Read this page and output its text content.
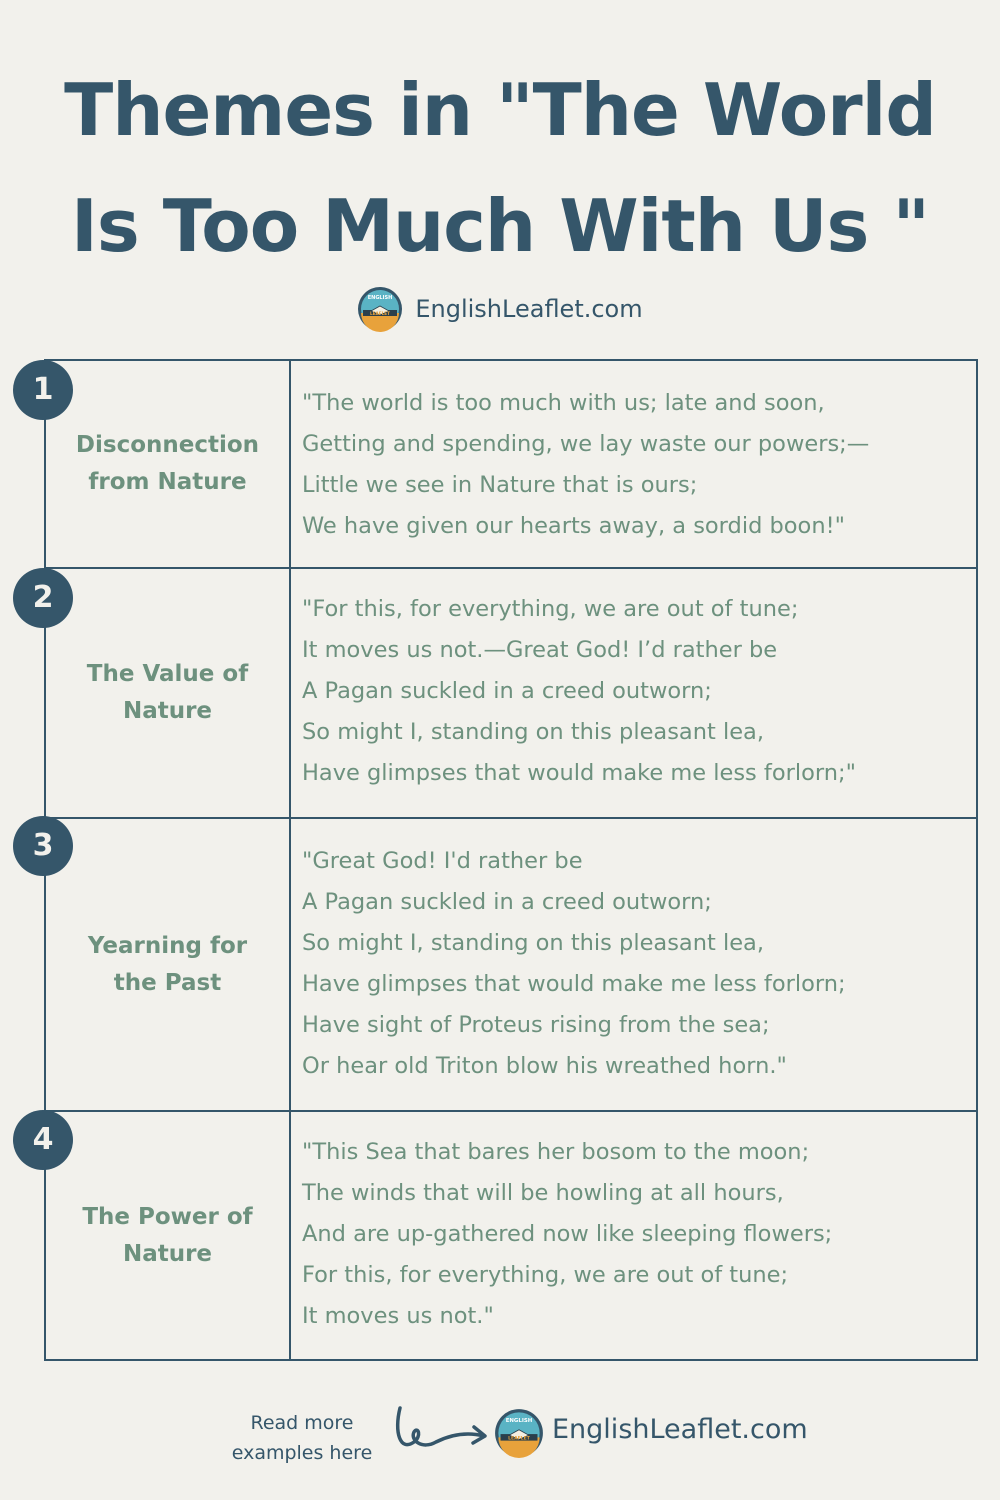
Themes in "The World
Is Too Much With Us "
ENGLISH
LEAFLET EnglishLeaflet.com
Disconnection
from Nature
"The world is too much with us; late and soon,
Getting and spending, we lay waste our powers;—
Little we see in Nature that is ours;
We have given our hearts away, a sordid boon!"
The Value of
Nature
"For this, for everything, we are out of tune;
It moves us not.—Great God! I’d rather be
A Pagan suckled in a creed outworn;
So might I, standing on this pleasant lea,
Have glimpses that would make me less forlorn;"
Yearning for
the Past
"Great God! I'd rather be
A Pagan suckled in a creed outworn;
So might I, standing on this pleasant lea,
Have glimpses that would make me less forlorn;
Have sight of Proteus rising from the sea;
Or hear old Triton blow his wreathed horn."
The Power of
Nature
"This Sea that bares her bosom to the moon;
The winds that will be howling at all hours,
And are up-gathered now like sleeping flowers;
For this, for everything, we are out of tune;
It moves us not."
1
2
3
4
Read more
examples here
ENGLISH
LEAFLET EnglishLeaflet.com
